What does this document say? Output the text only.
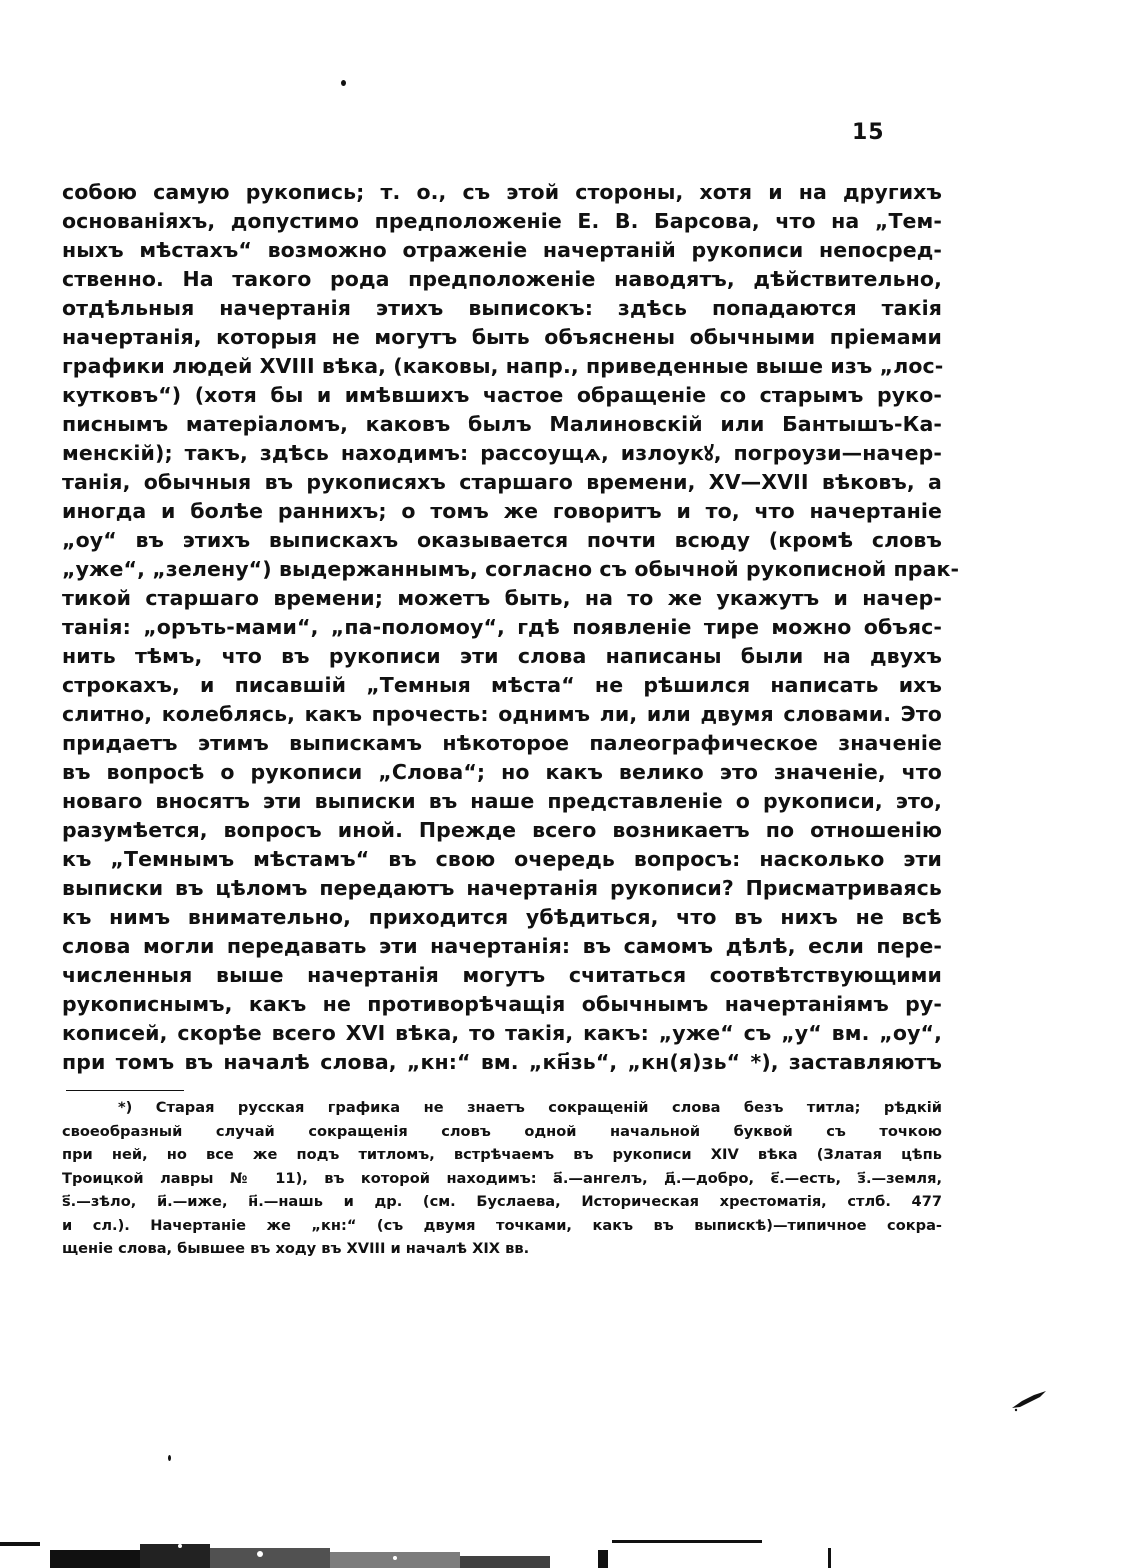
15
собою самую рукопись; т. о., съ этой стороны, хотя и на другихъ
основаніяхъ, допустимо предположеніе Е. В. Барсова, что на „Тем-
ныхъ мѣстахъ“ возможно отраженіе начертаній рукописи непосред-
ственно. На такого рода предположеніе наводятъ, дѣйствительно,
отдѣльныя начертанія этихъ выписокъ: здѣсь попадаются такія
начертанія, которыя не могутъ быть объяснены обычными пріемами
графики людей XVIII вѣка, (каковы, напр., приведенные выше изъ „лос-
кутковъ“) (хотя бы и имѣвшихъ частое обращеніе со старымъ руко-
писнымъ матеріаломъ, каковъ былъ Малиновскій или Бантышъ-Ка-
менскій); такъ, здѣсь находимъ: рассоущѧ, излоукꙋ, погроузи—начер-
танія, обычныя въ рукописяхъ старшаго времени, XV—XVII вѣковъ, а
иногда и болѣе раннихъ; о томъ же говоритъ и то, что начертаніе
„оу“ въ этихъ выпискахъ оказывается почти всюду (кромѣ словъ
„уже“, „зелену“) выдержаннымъ, согласно съ обычной рукописной прак-
тикой старшаго времени; можетъ быть, на то же укажутъ и начер-
танія: „оръть-мами“, „па-поломоу“, гдѣ появленіе тире можно объяс-
нить тѣмъ, что въ рукописи эти слова написаны были на двухъ
строкахъ, и писавшій „Темныя мѣста“ не рѣшился написать ихъ
слитно, колеблясь, какъ прочесть: однимъ ли, или двумя словами. Это
придаетъ этимъ выпискамъ нѣкоторое палеографическое значеніе
въ вопросѣ о рукописи „Слова“; но какъ велико это значеніе, что
новаго вносятъ эти выписки въ наше представленіе о рукописи, это,
разумѣется, вопросъ иной. Прежде всего возникаетъ по отношенію
къ „Темнымъ мѣстамъ“ въ свою очередь вопросъ: насколько эти
выписки въ цѣломъ передаютъ начертанія рукописи? Присматриваясь
къ нимъ внимательно, приходится убѣдиться, что въ нихъ не всѣ
слова могли передавать эти начертанія: въ самомъ дѣлѣ, если пере-
численныя выше начертанія могутъ считаться соотвѣтствующими
рукописнымъ, какъ не противорѣчащія обычнымъ начертаніямъ ру-
кописей, скорѣе всего XVI вѣка, то такія, какъ: „уже“ съ „у“ вм. „оу“,
при томъ въ началѣ слова, „кн:“ вм. „кн҃зь“, „кн(я)зь“ *), заставляютъ
*) Старая русская графика не знаетъ сокращеній слова безъ титла; рѣдкій
своеобразный случай сокращенія словъ одной начальной буквой съ точкою
при ней, но все же подъ титломъ, встрѣчаемъ въ рукописи XIV вѣка (Златая цѣпь
Троицкой лавры № 11), въ которой находимъ: а҃.—ангелъ, д҃.—добро, є҃.—есть, з҃.—земля,
ѕ҃.—зѣло, и҃.—иже, н҃.—нашь и др. (см. Буслаева, Историческая хрестоматія, стлб. 477
и сл.). Начертаніе же „кн:“ (съ двумя точками, какъ въ выпискѣ)—типичное сокра-
щеніе слова, бывшее въ ходу въ XVIII и началѣ XIX вв.
